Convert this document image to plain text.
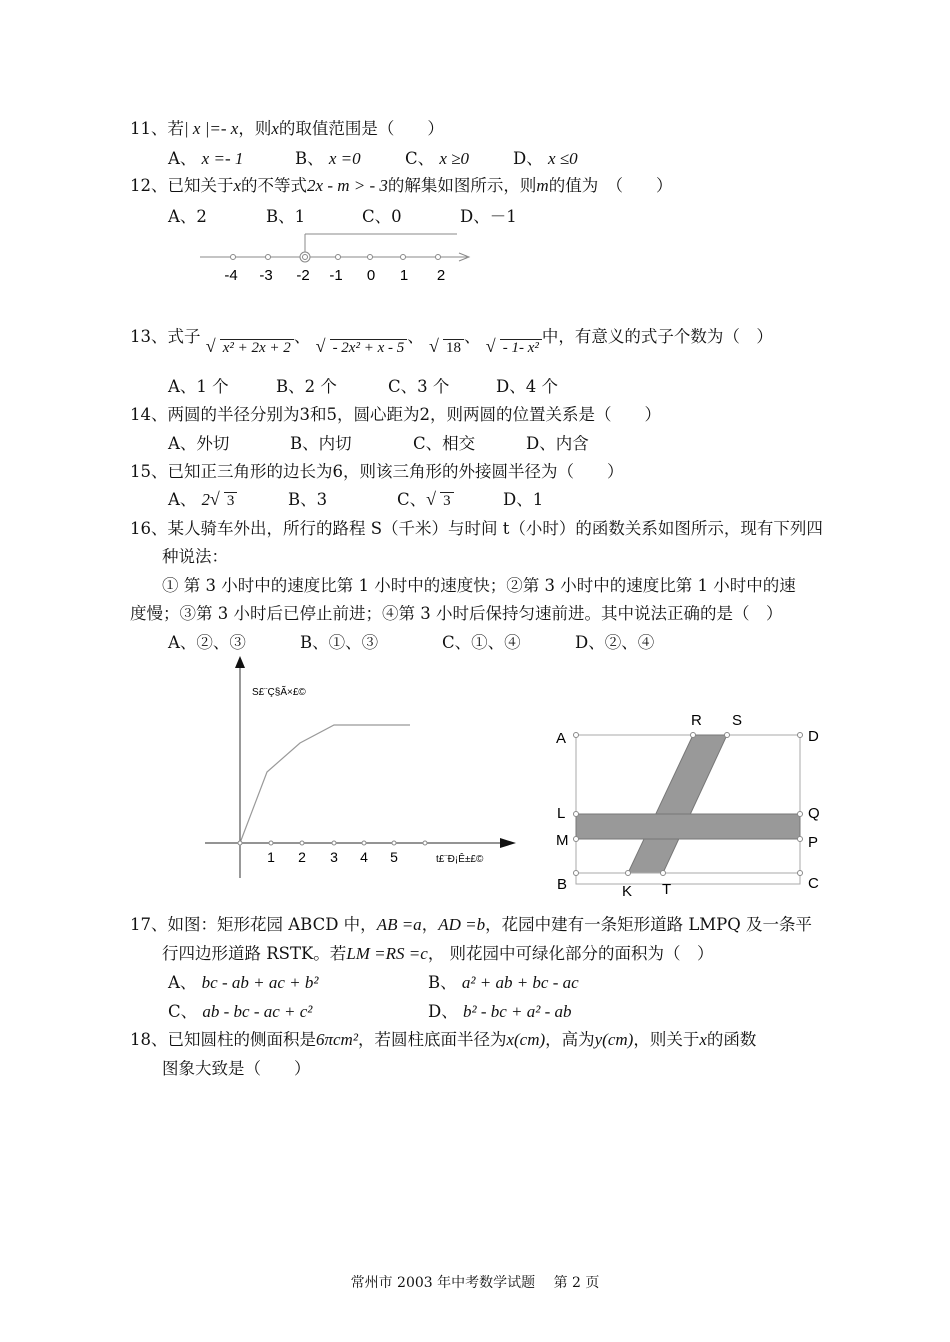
11、若| x |=- x，则x的取值范围是（　　）
A、 x =- 1	B、 x =0	C、 x ≥0	D、 x ≤0
12、已知关于x的不等式2x - m > - 3的解集如图所示，则m的值为　（　　）
A、2	B、1	C、0	D、－1
-4 -3 -2 -1 0 1 2
13、式子 √ x² + 2x + 2、 √ - 2x² + x - 5、 √ 18、 √ - 1- x²中，有意义的式子个数为（　）
A、1 个	B、2 个	C、3 个	D、4 个
14、两圆的半径分别为3和5，圆心距为2，则两圆的位置关系是（　　）
A、外切	B、内切	C、相交	D、内含
15、已知正三角形的边长为6，则该三角形的外接圆半径为（　　）
A、 2 √ 3	B、3	C、 √ 3	D、1
16、某人骑车外出，所行的路程 S（千米）与时间 t（小时）的函数关系如图所示，现有下列四
种说法：
① 第 3 小时中的速度比第 1 小时中的速度快；②第 3 小时中的速度比第 1 小时中的速
度慢；③第 3 小时后已停止前进；④第 3 小时后保持匀速前进。其中说法正确的是（　）
A、②、③	B、①、③	C、①、④	D、②、④
S£¨Ç§Ã×£©
t£¨Ð¡Ê±£©
1 2 3 4 5
A
R S
D
L	Q
M	P
B	K T	C
17、如图：矩形花园 ABCD 中，AB =a，AD =b，花园中建有一条矩形道路 LMPQ 及一条平
行四边形道路 RSTK。若LM =RS =c， 则花园中可绿化部分的面积为（　）
A、 bc - ab + ac + b²	B、 a² + ab + bc - ac
C、 ab - bc - ac + c²	D、 b² - bc + a² - ab
18、已知圆柱的侧面积是6πcm²，若圆柱底面半径为x(cm)，高为y(cm)，则关于x的函数
图象大致是（　　）
常州市 2003 年中考数学试题　 第 2 页
